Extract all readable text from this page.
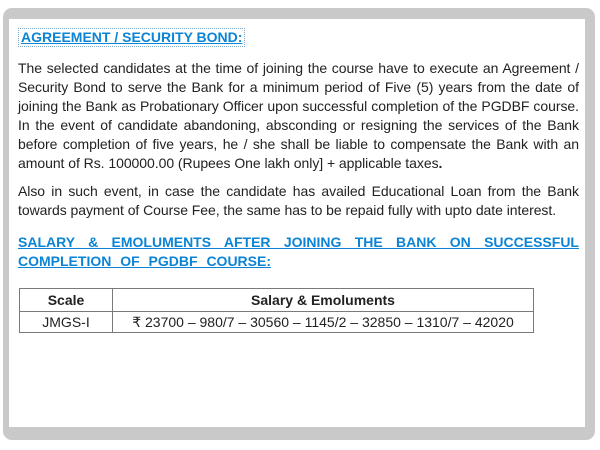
AGREEMENT / SECURITY BOND:

The selected candidates at the time of joining the course have to execute an Agreement / Security Bond to serve the Bank for a minimum period of Five (5) years from the date of joining the Bank as Probationary Officer upon successful completion of the PGDBF course. In the event of candidate abandoning, absconding or resigning the services of the Bank before completion of five years, he / she shall be liable to compensate the Bank with an amount of Rs. 100000.00 (Rupees One lakh only] + applicable taxes.

Also in such event, in case the candidate has availed Educational Loan from the Bank towards payment of Course Fee, the same has to be repaid fully with upto date interest.

SALARY & EMOLUMENTS AFTER JOINING THE BANK ON SUCCESSFUL COMPLETION OF PGDBF COURSE:
Scale	Salary & Emoluments
JMGS-I	₹ 23700 – 980/7 – 30560 – 1145/2 – 32850 – 1310/7 – 42020
